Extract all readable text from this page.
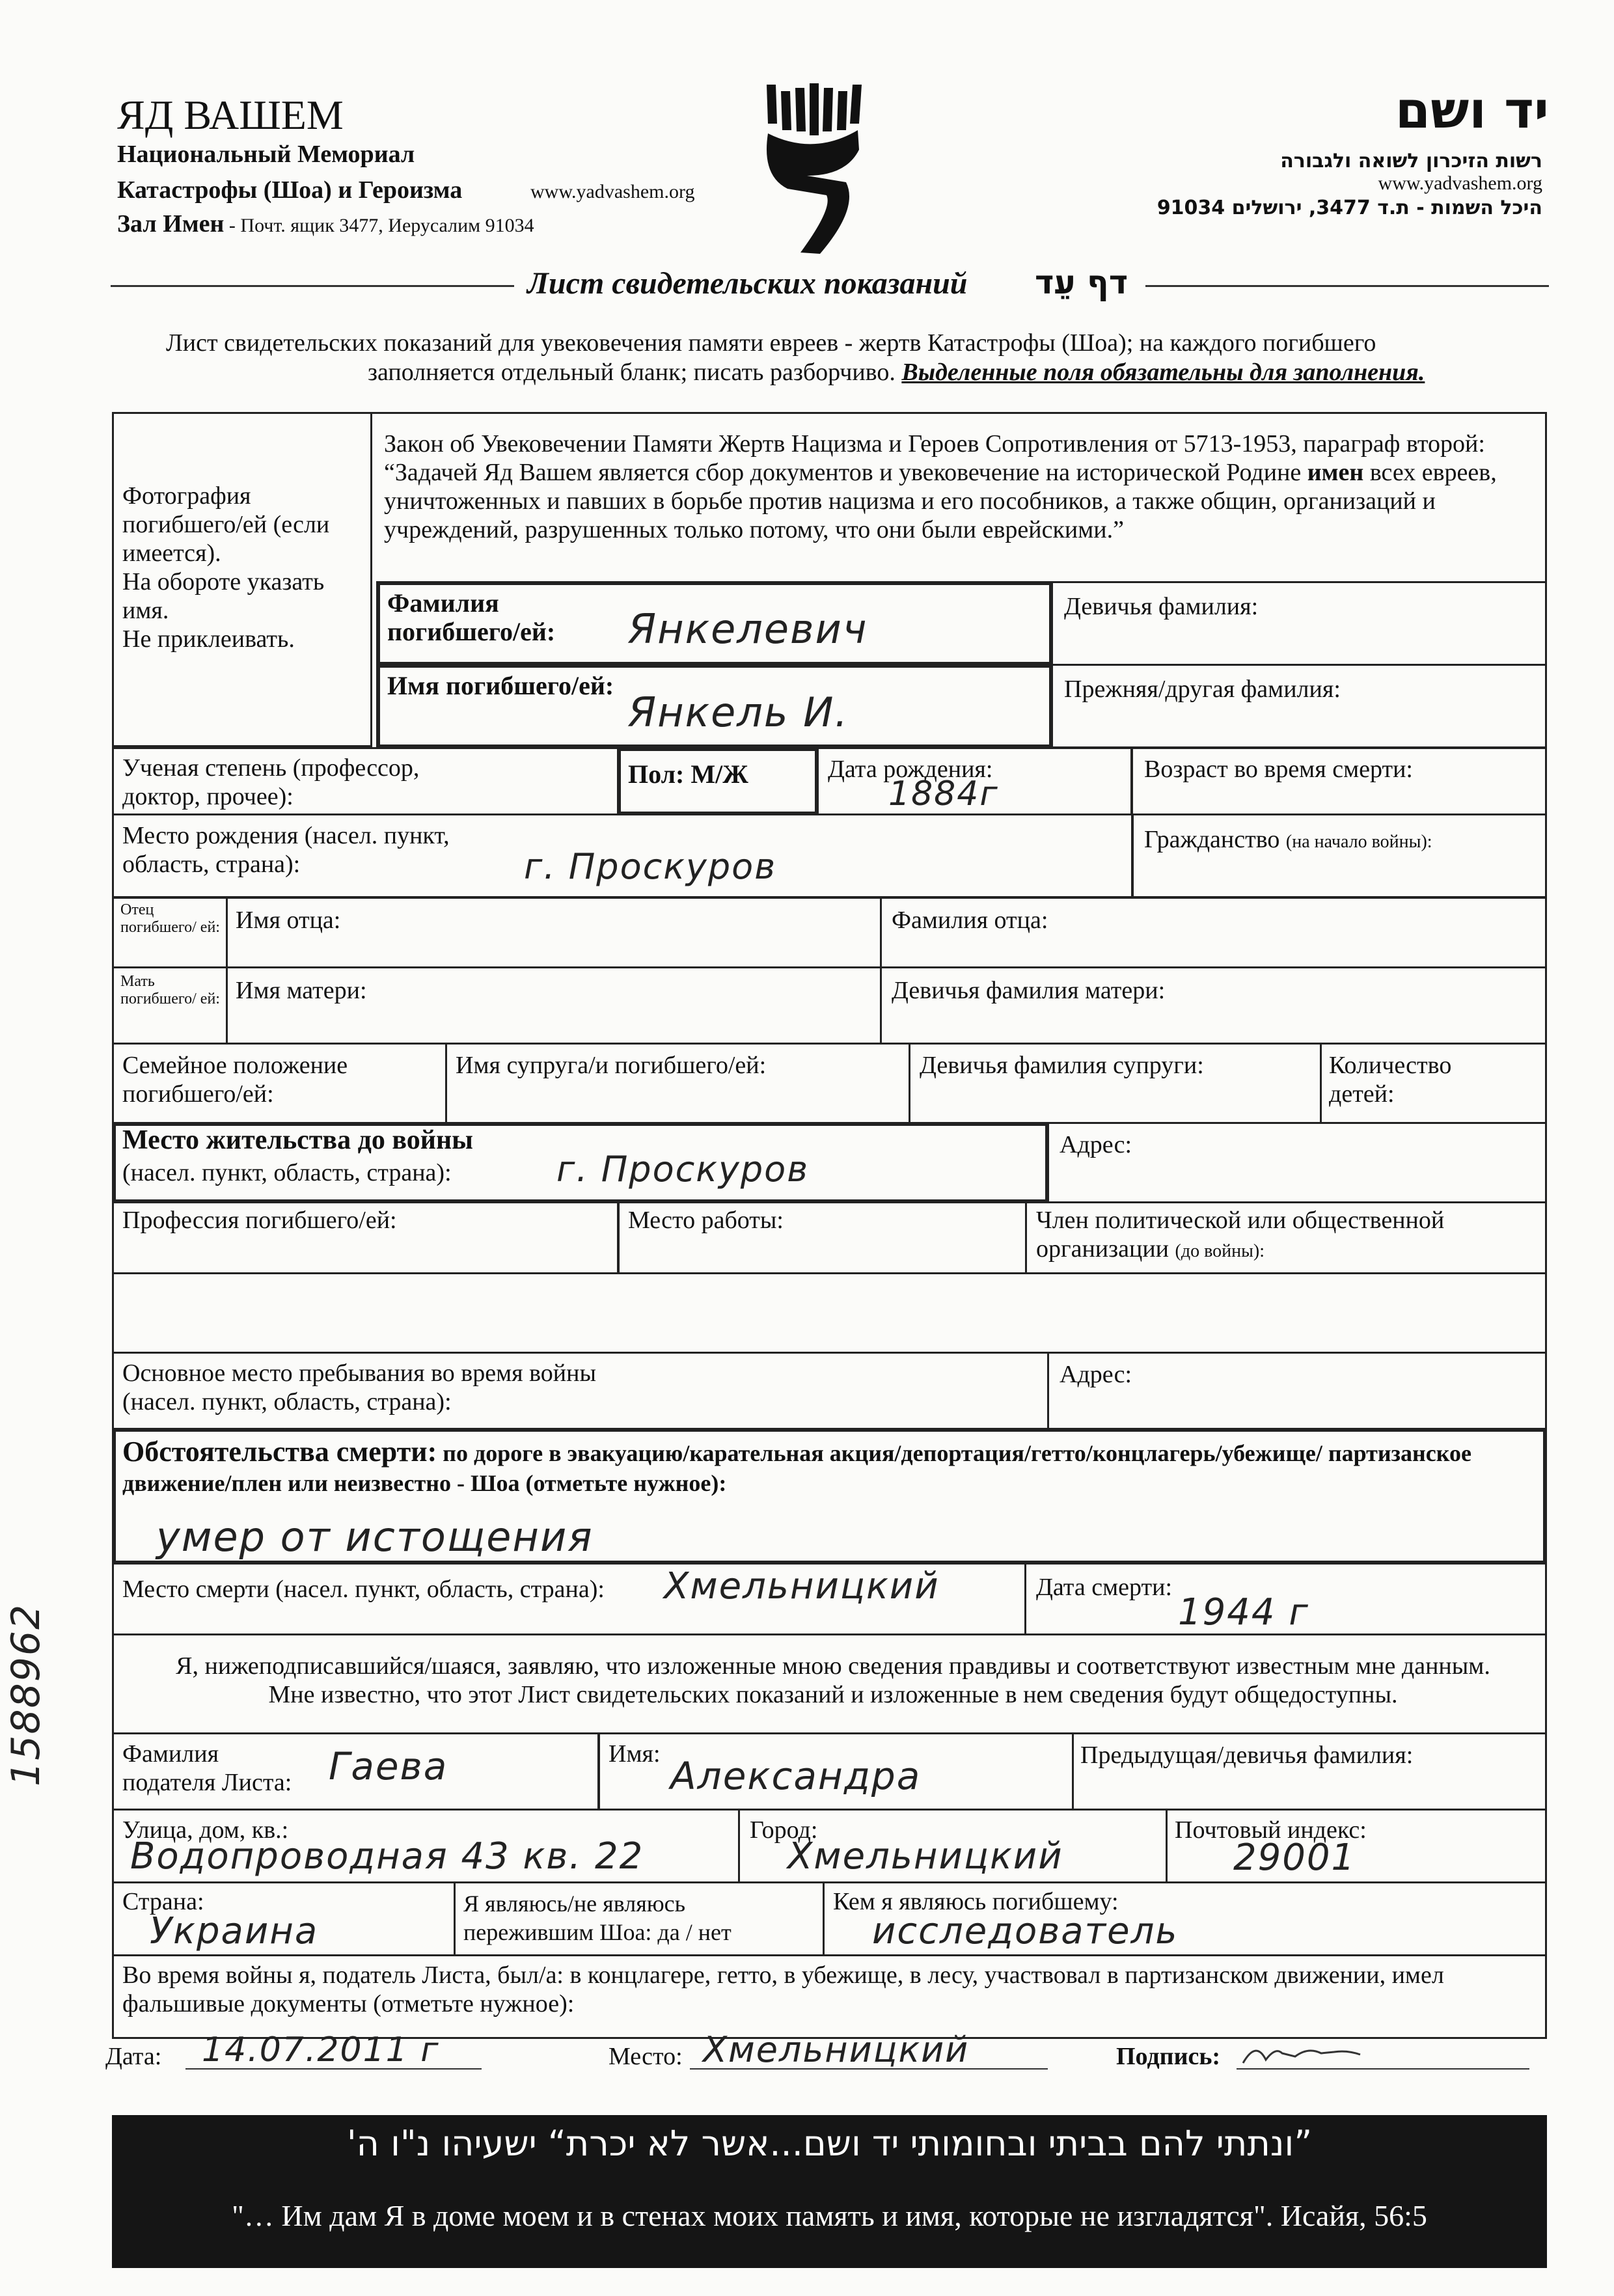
ЯД ВАШЕМ
Национальный Мемориал
Катастрофы (Шоа) и Героизма	www.yadvashem.org
Зал Имен - Почт. ящик 3477, Иерусалим 91034
יד ושם
רשות הזיכרון לשואה ולגבורה
www.yadvashem.org
היכל השמות - ת.ד 3477, ירושלים 91034
Лист свидетельских показаний דף עֵד
Лист свидетельских показаний для увековечения памяти евреев - жертв Катастрофы (Шоа); на каждого погибшего
заполняется отдельный бланк; писать разборчиво. Выделенные поля обязательны для заполнения.
Фотография погибшего/ей (если имеется).
На обороте указать имя.
Не приклеивать.
Закон об Увековечении Памяти Жертв Нацизма и Героев Сопротивления от 5713-1953, параграф второй: “Задачей Яд Вашем является сбор документов и увековечение на исторической Родине имен всех евреев, уничтоженных и павших в борьбе против нацизма и его пособников, а также общин, организаций и учреждений, разрушенных только потому, что они были еврейскими.”
Фамилия погибшего/ей:	Янкелевич	Девичья фамилия:
Имя погибшего/ей:
Янкель И.	Прежняя/другая фамилия:
Ученая степень (профессор, доктор, прочее):
Пол: М/Ж	Дата рождения:
1884г
Возраст во время смерти:
Место рождения (насел. пункт, область, страна):	г. Проскуров
Гражданство (на начало войны):
Отец погибшего/ ей: Имя отца:	Фамилия отца:
Мать погибшего/ ей: Имя матери:	Девичья фамилия матери:
Семейное положение погибшего/ей:
Имя супруга/и погибшего/ей:	Девичья фамилия супруги:	Количество детей:
Место жительства до войны
(насел. пункт, область, страна):	г. Проскуров
Адрес:
Профессия погибшего/ей:	Место работы:	Член политической или общественной организации (до войны):
Основное место пребывания во время войны (насел. пункт, область, страна):
Адрес:
Обстоятельства смерти: по дороге в эвакуацию/карательная акция/депортация/гетто/концлагерь/убежище/ партизанское движение/плен или неизвестно - Шоа (отметьте нужное):
умер от истощения
Место смерти (насел. пункт, область, страна): Хмельницкий	Дата смерти:
1944 г
Я, нижеподписавшийся/шаяся, заявляю, что изложенные мною сведения правдивы и соответствуют известным мне данным. Мне известно, что этот Лист свидетельских показаний и изложенные в нем сведения будут общедоступны.
Фамилия подателя Листа: Гаева	Имя: Александра	Предыдущая/девичья фамилия:
Улица, дом, кв.:
Водопроводная 43 кв. 22
Город:
Хмельницкий
Почтовый индекс:
29001
Страна:
Украина
Я являюсь/не являюсь пережившим Шоа: да / нет
Кем я являюсь погибшему:
исследователь
Во время войны я, податель Листа, был/а: в концлагере, гетто, в убежище, в лесу, участвовал в партизанском движении, имел фальшивые документы (отметьте нужное):
Дата: 14.07.2011 г	Место: Хмельницкий	Подпись:
”ונתתי להם בביתי ובחומותי יד ושם...אשר לא יכרת“ ישעיהו נ"ו ה'
"… Им дам Я в доме моем и в стенах моих память и имя, которые не изгладятся". Исайя, 56:5
1588962
